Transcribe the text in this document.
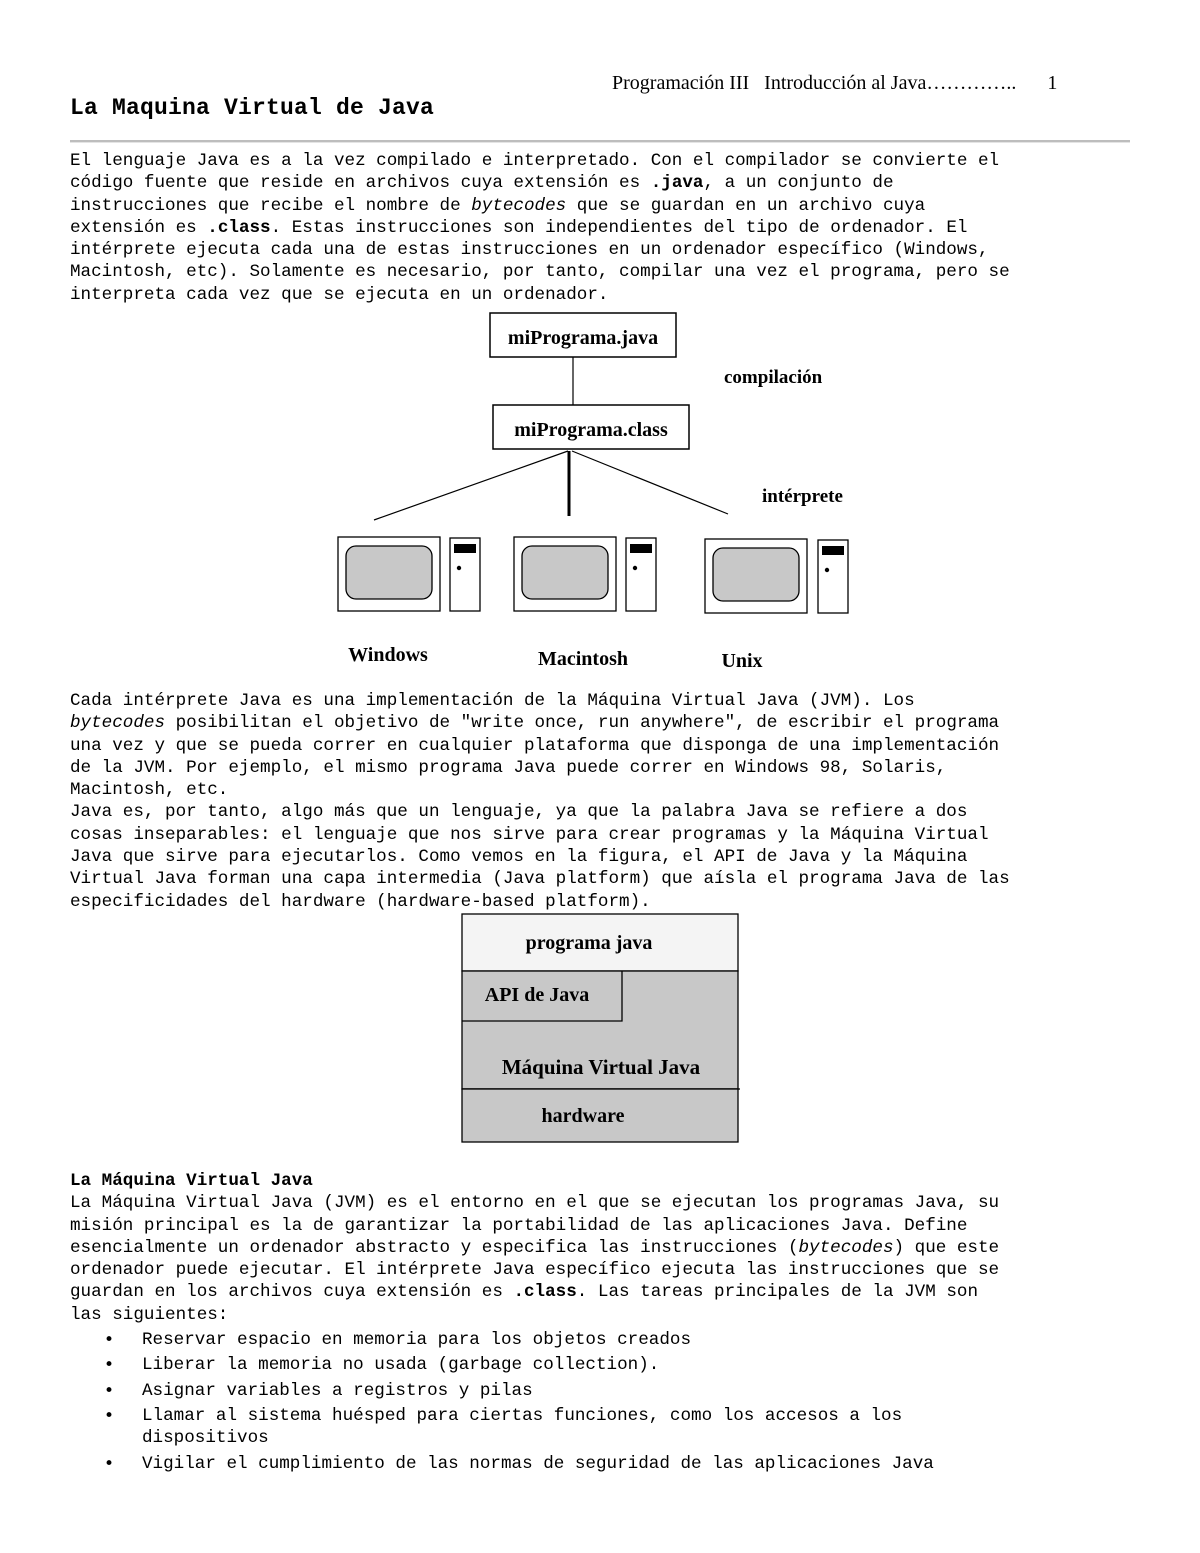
Programación III Introducción al Java………….. 1
La Maquina Virtual de Java
El lenguaje Java es a la vez compilado e interpretado. Con el compilador se convierte el
código fuente que reside en archivos cuya extensión es .java, a un conjunto de
instrucciones que recibe el nombre de bytecodes que se guardan en un archivo cuya
extensión es .class. Estas instrucciones son independientes del tipo de ordenador. El
intérprete ejecuta cada una de estas instrucciones en un ordenador específico (Windows,
Macintosh, etc). Solamente es necesario, por tanto, compilar una vez el programa, pero se
interpreta cada vez que se ejecuta en un ordenador.
miPrograma.java
miPrograma.class
compilación
intérprete
Windows	Macintosh	Unix
Cada intérprete Java es una implementación de la Máquina Virtual Java (JVM). Los
bytecodes posibilitan el objetivo de "write once, run anywhere", de escribir el programa
una vez y que se pueda correr en cualquier plataforma que disponga de una implementación
de la JVM. Por ejemplo, el mismo programa Java puede correr en Windows 98, Solaris,
Macintosh, etc.
Java es, por tanto, algo más que un lenguaje, ya que la palabra Java se refiere a dos
cosas inseparables: el lenguaje que nos sirve para crear programas y la Máquina Virtual
Java que sirve para ejecutarlos. Como vemos en la figura, el API de Java y la Máquina
Virtual Java forman una capa intermedia (Java platform) que aísla el programa Java de las
especificidades del hardware (hardware-based platform).
programa java
API de Java
Máquina Virtual Java
hardware
La Máquina Virtual Java
La Máquina Virtual Java (JVM) es el entorno en el que se ejecutan los programas Java, su
misión principal es la de garantizar la portabilidad de las aplicaciones Java. Define
esencialmente un ordenador abstracto y especifica las instrucciones (bytecodes) que este
ordenador puede ejecutar. El intérprete Java específico ejecuta las instrucciones que se
guardan en los archivos cuya extensión es .class. Las tareas principales de la JVM son
las siguientes:
• Reservar espacio en memoria para los objetos creados
• Liberar la memoria no usada (garbage collection).
• Asignar variables a registros y pilas
• Llamar al sistema huésped para ciertas funciones, como los accesos a los
dispositivos
• Vigilar el cumplimiento de las normas de seguridad de las aplicaciones Java
